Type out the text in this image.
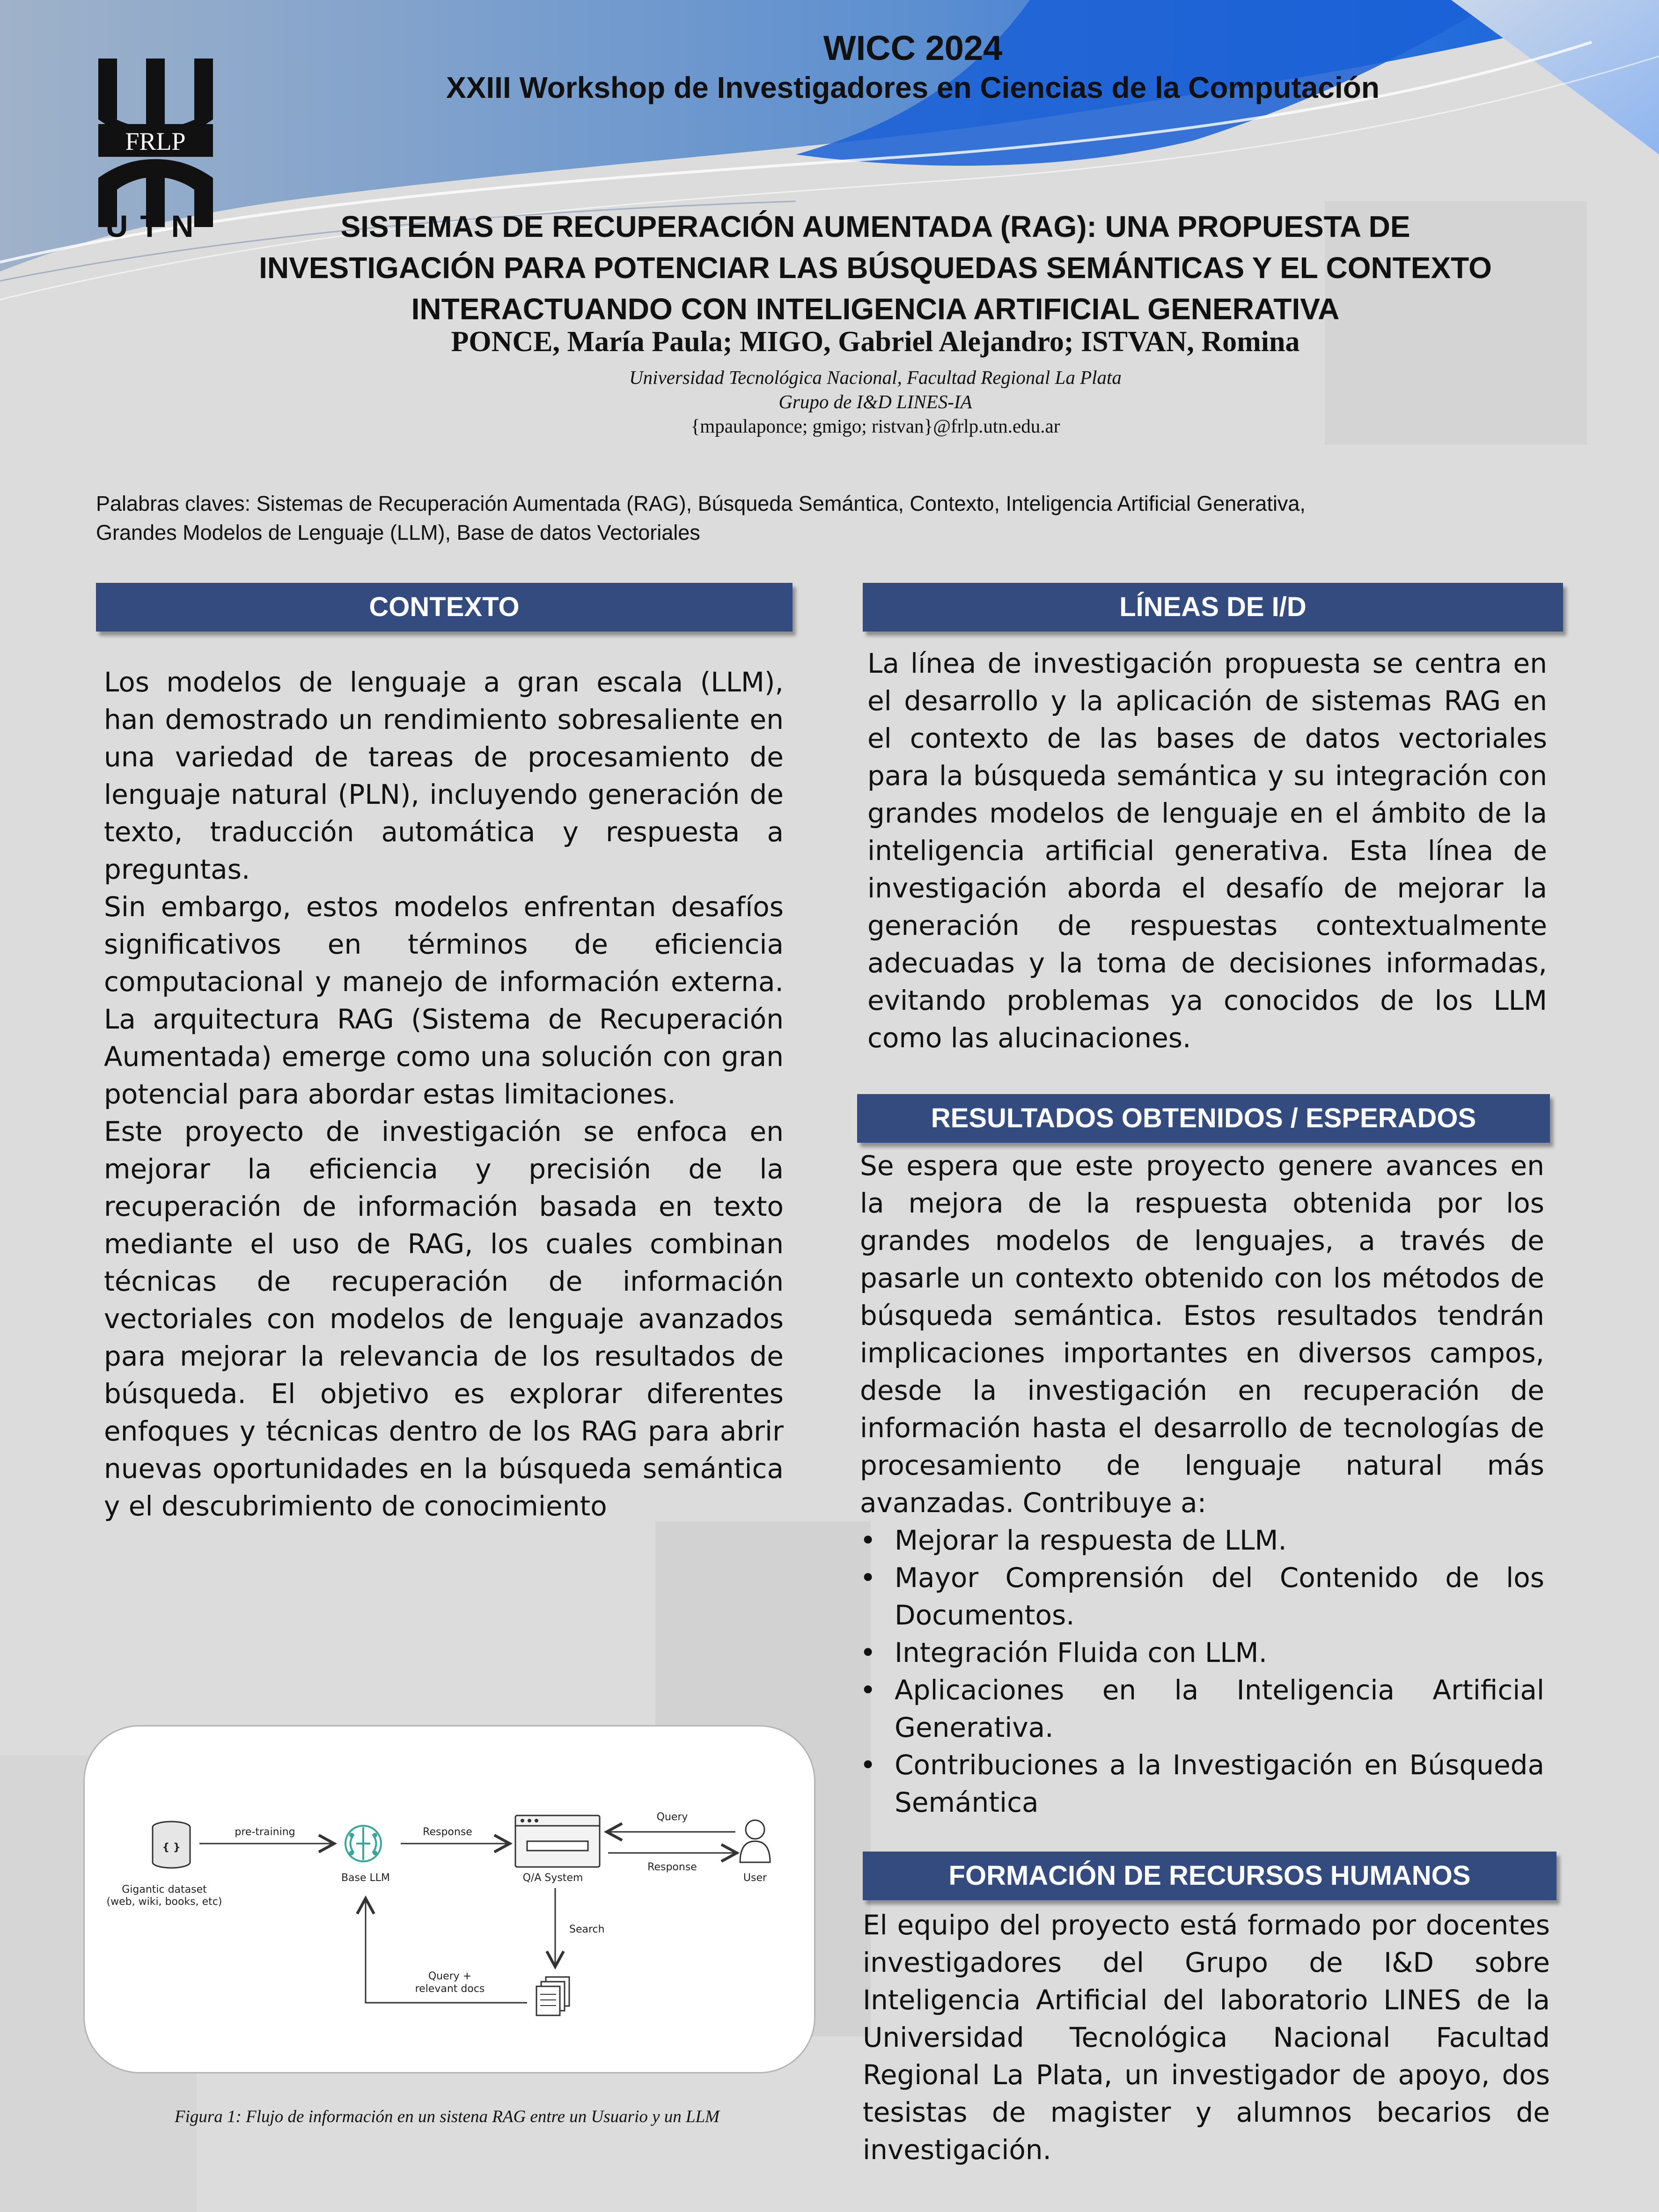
FRLP
UTN
WICC 2024
XXIII Workshop de Investigadores en Ciencias de la Computación
SISTEMAS DE RECUPERACIÓN AUMENTADA (RAG): UNA PROPUESTA DE
INVESTIGACIÓN PARA POTENCIAR LAS BÚSQUEDAS SEMÁNTICAS Y EL CONTEXTO
INTERACTUANDO CON INTELIGENCIA ARTIFICIAL GENERATIVA
PONCE, María Paula; MIGO, Gabriel Alejandro; ISTVAN, Romina
Universidad Tecnológica Nacional, Facultad Regional La Plata
Grupo de I&D LINES-IA
{mpaulaponce; gmigo; ristvan}@frlp.utn.edu.ar
Palabras claves: Sistemas de Recuperación Aumentada (RAG), Búsqueda Semántica, Contexto, Inteligencia Artificial Generativa,
Grandes Modelos de Lenguaje (LLM), Base de datos Vectoriales
CONTEXTO

Los modelos de lenguaje a gran escala (LLM), han demostrado un rendimiento sobresaliente en una variedad de tareas de procesamiento de lenguaje natural (PLN), incluyendo generación de texto, traducción automática y respuesta a preguntas.

Sin embargo, estos modelos enfrentan desafíos significativos en términos de eficiencia computacional y manejo de información externa. La arquitectura RAG (Sistema de Recuperación Aumentada) emerge como una solución con gran potencial para abordar estas limitaciones.

Este proyecto de investigación se enfoca en mejorar la eficiencia y precisión de la recuperación de información basada en texto mediante el uso de RAG, los cuales combinan técnicas de recuperación de información vectoriales con modelos de lenguaje avanzados para mejorar la relevancia de los resultados de búsqueda. El objetivo es explorar diferentes enfoques y técnicas dentro de los RAG para abrir nuevas oportunidades en la búsqueda semántica y el descubrimiento de conocimiento

LÍNEAS DE I/D
La línea de investigación propuesta se centra en el desarrollo y la aplicación de sistemas RAG en el contexto de las bases de datos vectoriales para la búsqueda semántica y su integración con grandes modelos de lenguaje en el ámbito de la inteligencia artificial generativa. Esta línea de investigación aborda el desafío de mejorar la generación de respuestas contextualmente adecuadas y la toma de decisiones informadas, evitando problemas ya conocidos de los LLM como las alucinaciones.
RESULTADOS OBTENIDOS / ESPERADOS

Se espera que este proyecto genere avances en la mejora de la respuesta obtenida por los grandes modelos de lenguajes, a través de pasarle un contexto obtenido con los métodos de búsqueda semántica. Estos resultados tendrán implicaciones importantes en diversos campos, desde la investigación en recuperación de información hasta el desarrollo de tecnologías de procesamiento de lenguaje natural más avanzadas. Contribuye a:

• Mejorar la respuesta de LLM.
• Mayor Comprensión del Contenido de los Documentos.
• Integración Fluida con LLM.
• Aplicaciones en la Inteligencia Artificial Generativa.
• Contribuciones a la Investigación en Búsqueda Semántica
FORMACIÓN DE RECURSOS HUMANOS
El equipo del proyecto está formado por docentes investigadores del Grupo de I&D sobre Inteligencia Artificial del laboratorio LINES de la Universidad Tecnológica Nacional Facultad Regional La Plata, un investigador de apoyo, dos tesistas de magister y alumnos becarios de investigación.
{ }
Gigantic dataset
(web, wiki, books, etc)
pre-training
Base LLM
Response
Q/A System
Query
Response
User
Search
Query +
relevant docs
Figura 1: Flujo de información en un sistena RAG entre un Usuario y un LLM
